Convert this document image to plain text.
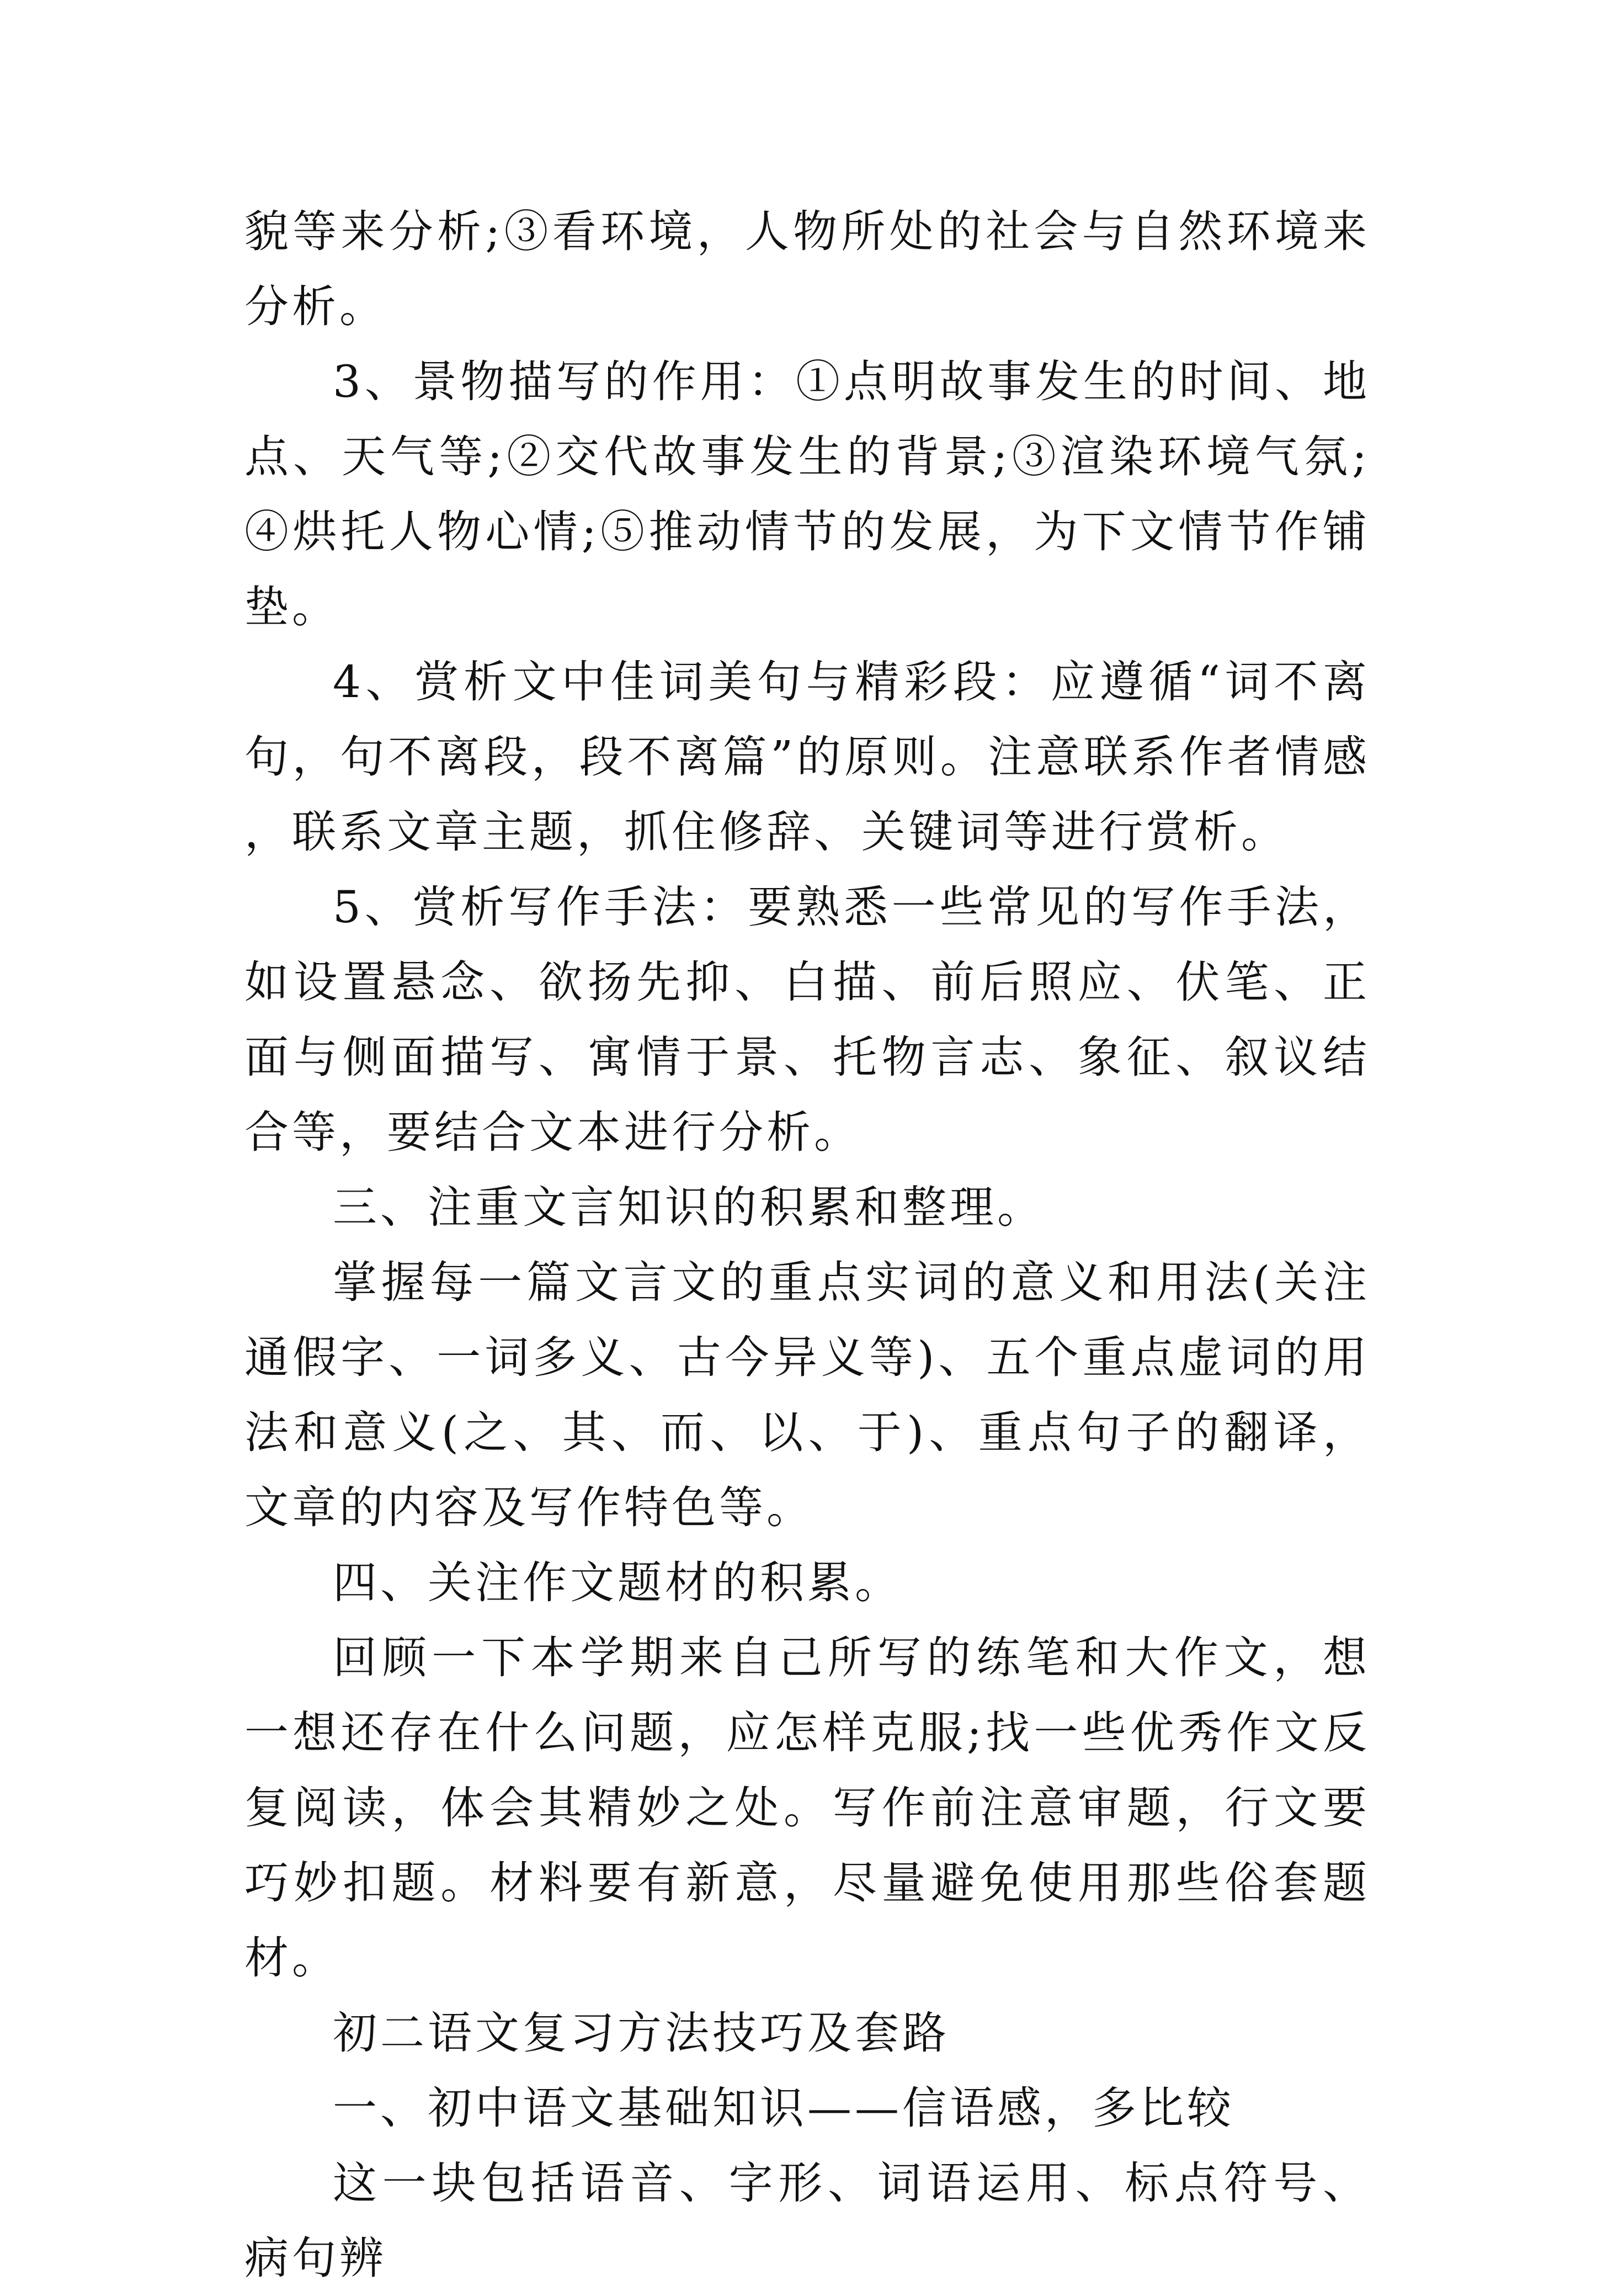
貌等来分析;③看环境，人物所处的社会与自然环境来分析。

3、景物描写的作用：①点明故事发生的时间、地点、天气等;②交代故事发生的背景;③渲染环境气氛;④烘托人物心情;⑤推动情节的发展，为下文情节作铺垫。

4、赏析文中佳词美句与精彩段：应遵循“词不离句，句不离段，段不离篇”的原则。注意联系作者情感，联系文章主题，抓住修辞、关键词等进行赏析。

5、赏析写作手法：要熟悉一些常见的写作手法，如设置悬念、欲扬先抑、白描、前后照应、伏笔、正面与侧面描写、寓情于景、托物言志、象征、叙议结合等，要结合文本进行分析。

三、注重文言知识的积累和整理。

掌握每一篇文言文的重点实词的意义和用法(关注通假字、一词多义、古今异义等)、五个重点虚词的用法和意义(之、其、而、以、于)、重点句子的翻译，文章的内容及写作特色等。

四、关注作文题材的积累。

回顾一下本学期来自己所写的练笔和大作文，想一想还存在什么问题，应怎样克服;找一些优秀作文反复阅读，体会其精妙之处。写作前注意审题，行文要巧妙扣题。材料要有新意，尽量避免使用那些俗套题材。

初二语文复习方法技巧及套路

一、初中语文基础知识——信语感，多比较

这一块包括语音、字形、词语运用、标点符号、病句辨
